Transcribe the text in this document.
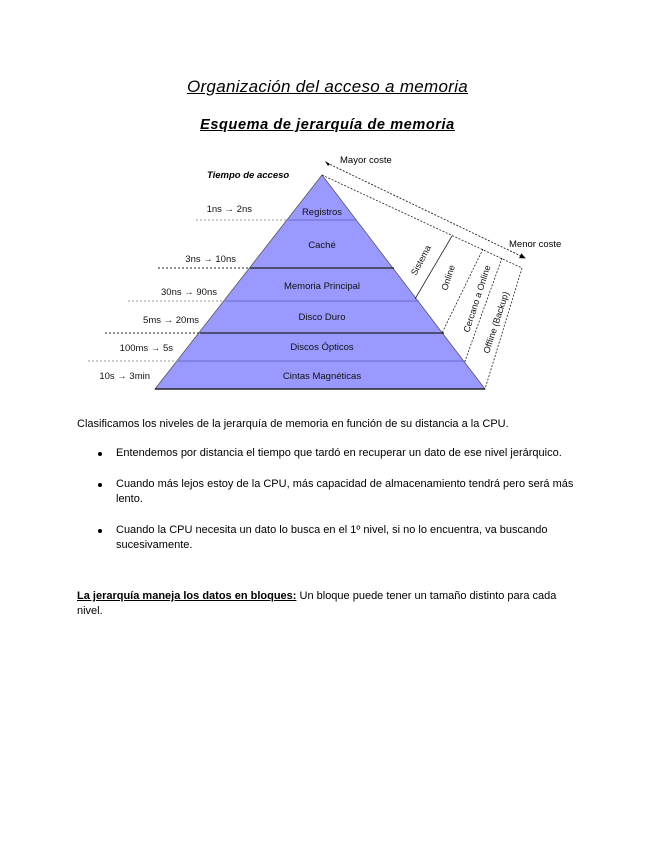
Organización del acceso a memoria
Esquema de jerarquía de memoria
Registros
Caché
Memoria Principal
Disco Duro
Discos Ópticos
Cintas Magnéticas
Tiempo de acceso
1ns → 2ns
3ns → 10ns
30ns → 90ns
5ms → 20ms
100ms → 5s
10s → 3min
Mayor coste
Menor coste
Sistema
Online Cercano a Online
Offline (Backup)
Clasificamos los niveles de la jerarquía de memoria en función de su distancia a la CPU.
Entendemos por distancia el tiempo que tardó en recuperar un dato de ese nivel jerárquico.
Cuando más lejos estoy de la CPU, más capacidad de almacenamiento tendrá pero será más lento.
Cuando la CPU necesita un dato lo busca en el 1º nivel, si no lo encuentra, va buscando sucesivamente.
La jerarquía maneja los datos en bloques: Un bloque puede tener un tamaño distinto para cada nivel.
